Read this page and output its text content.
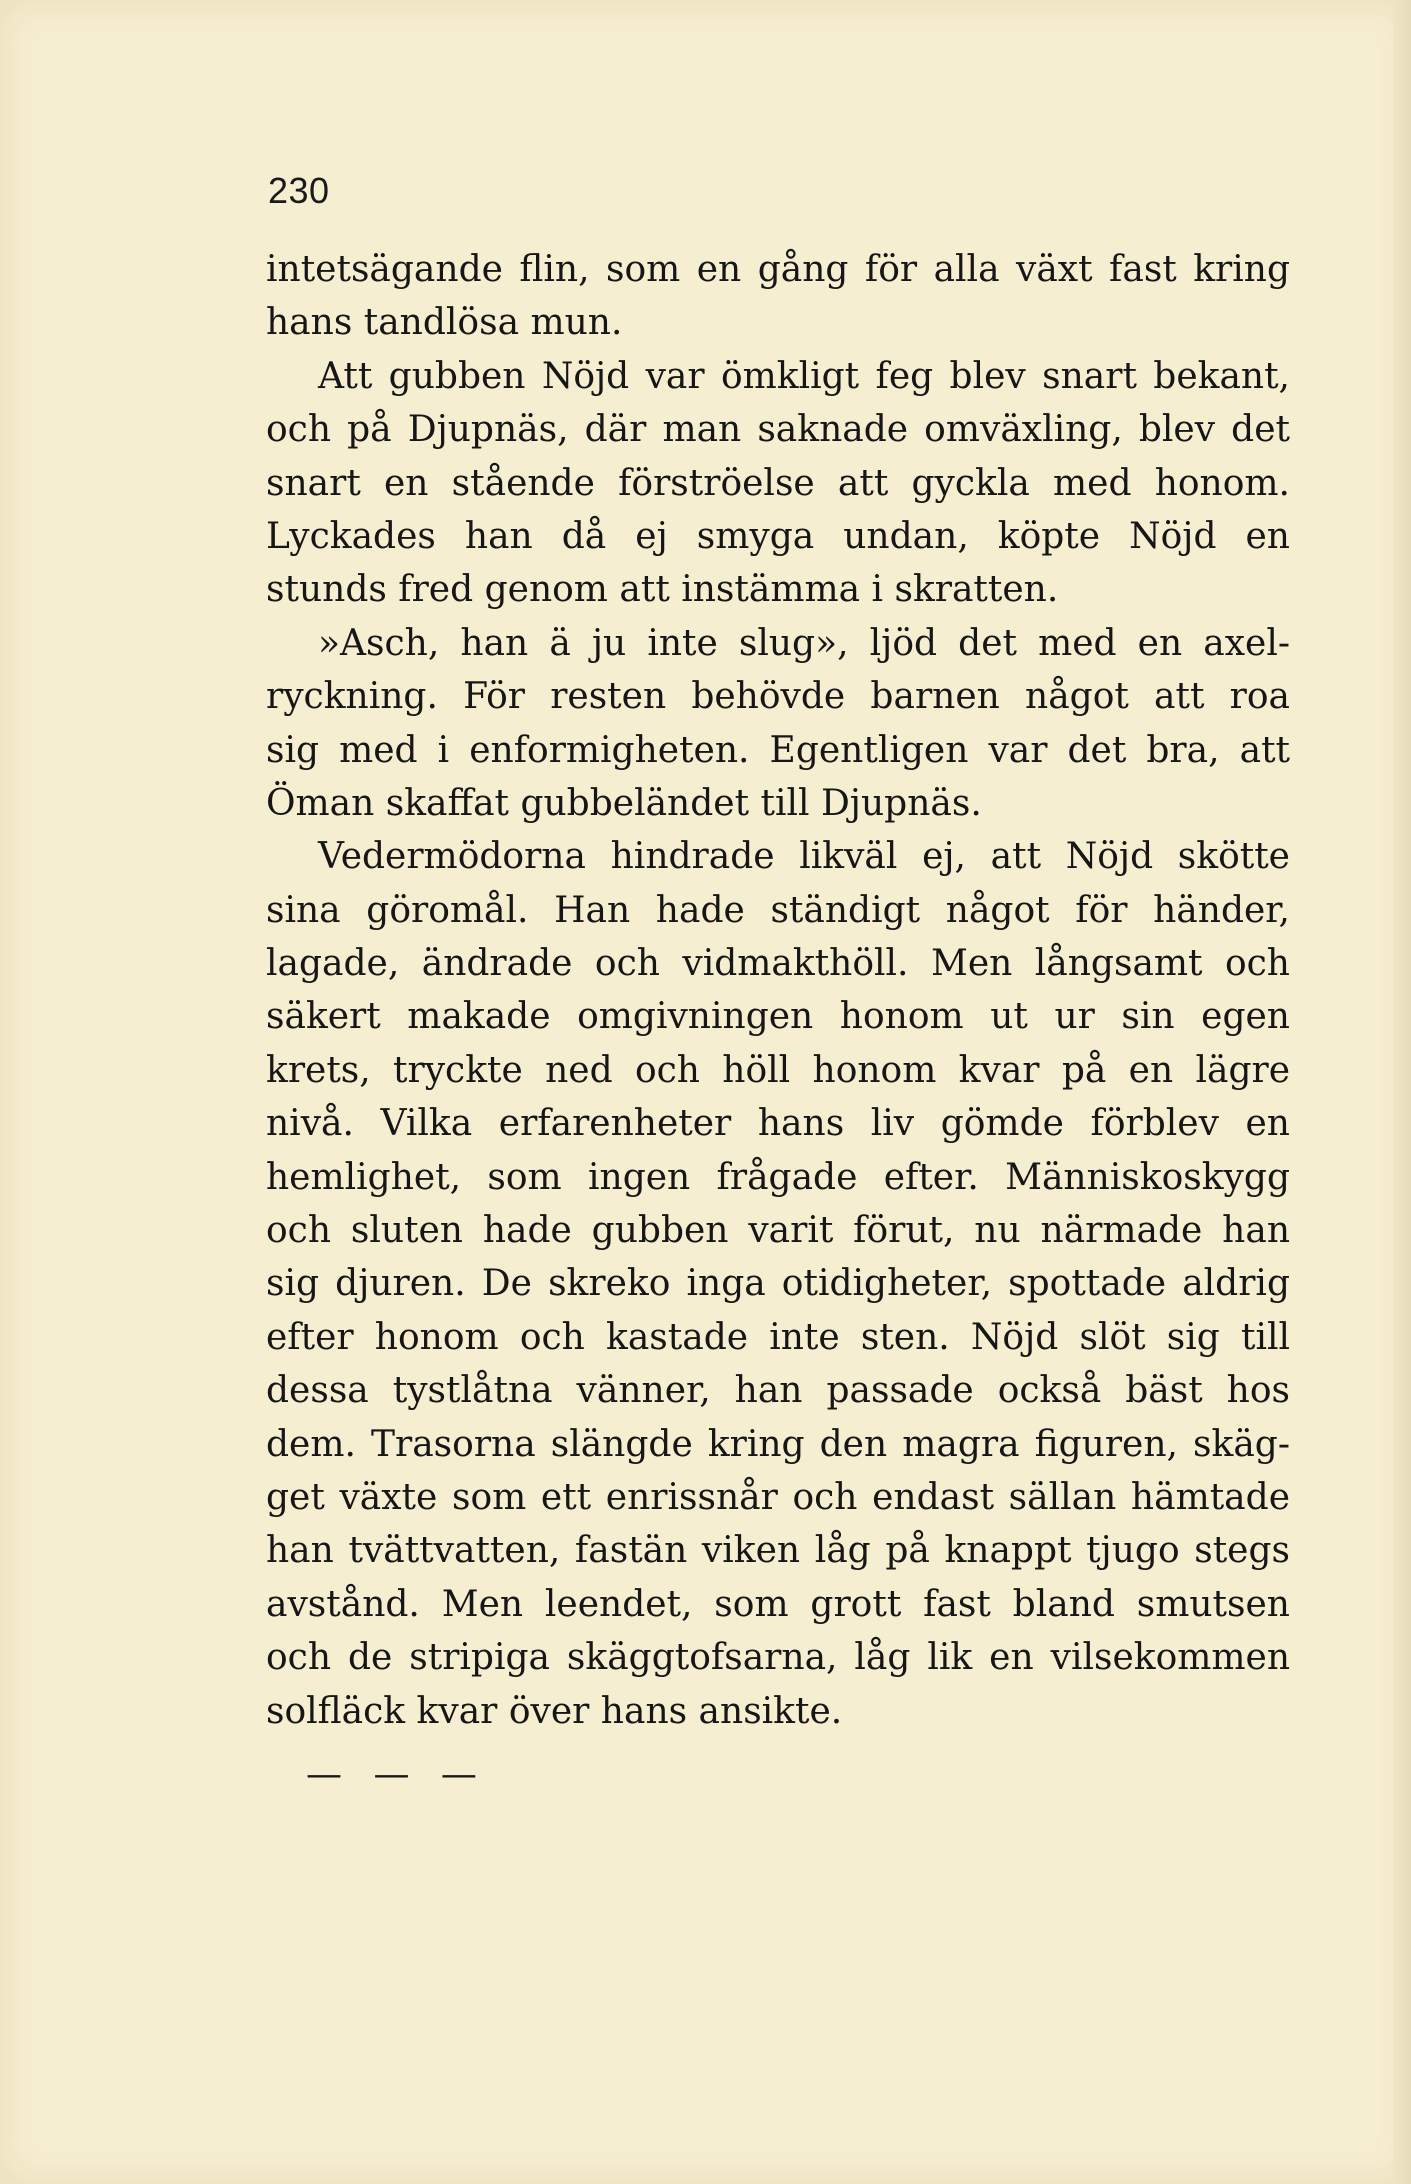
230
intetsägande flin, som en gång för alla växt fast kring
hans tandlösa mun.
Att gubben Nöjd var ömkligt feg blev snart bekant,
och på Djupnäs, där man saknade omväxling, blev det
snart en stående förströelse att gyckla med honom.
Lyckades han då ej smyga undan, köpte Nöjd en
stunds fred genom att instämma i skratten.
»Asch, han ä ju inte slug», ljöd det med en axel-
ryckning. För resten behövde barnen något att roa
sig med i enformigheten. Egentligen var det bra, att
Öman skaffat gubbeländet till Djupnäs.
Vedermödorna hindrade likväl ej, att Nöjd skötte
sina göromål. Han hade ständigt något för händer,
lagade, ändrade och vidmakthöll. Men långsamt och
säkert makade omgivningen honom ut ur sin egen
krets, tryckte ned och höll honom kvar på en lägre
nivå. Vilka erfarenheter hans liv gömde förblev en
hemlighet, som ingen frågade efter. Människoskygg
och sluten hade gubben varit förut, nu närmade han
sig djuren. De skreko inga otidigheter, spottade aldrig
efter honom och kastade inte sten. Nöjd slöt sig till
dessa tystlåtna vänner, han passade också bäst hos
dem. Trasorna slängde kring den magra figuren, skäg-
get växte som ett enrissnår och endast sällan hämtade
han tvättvatten, fastän viken låg på knappt tjugo stegs
avstånd. Men leendet, som grott fast bland smutsen
och de stripiga skäggtofsarna, låg lik en vilsekommen
solfläck kvar över hans ansikte.
— — —
